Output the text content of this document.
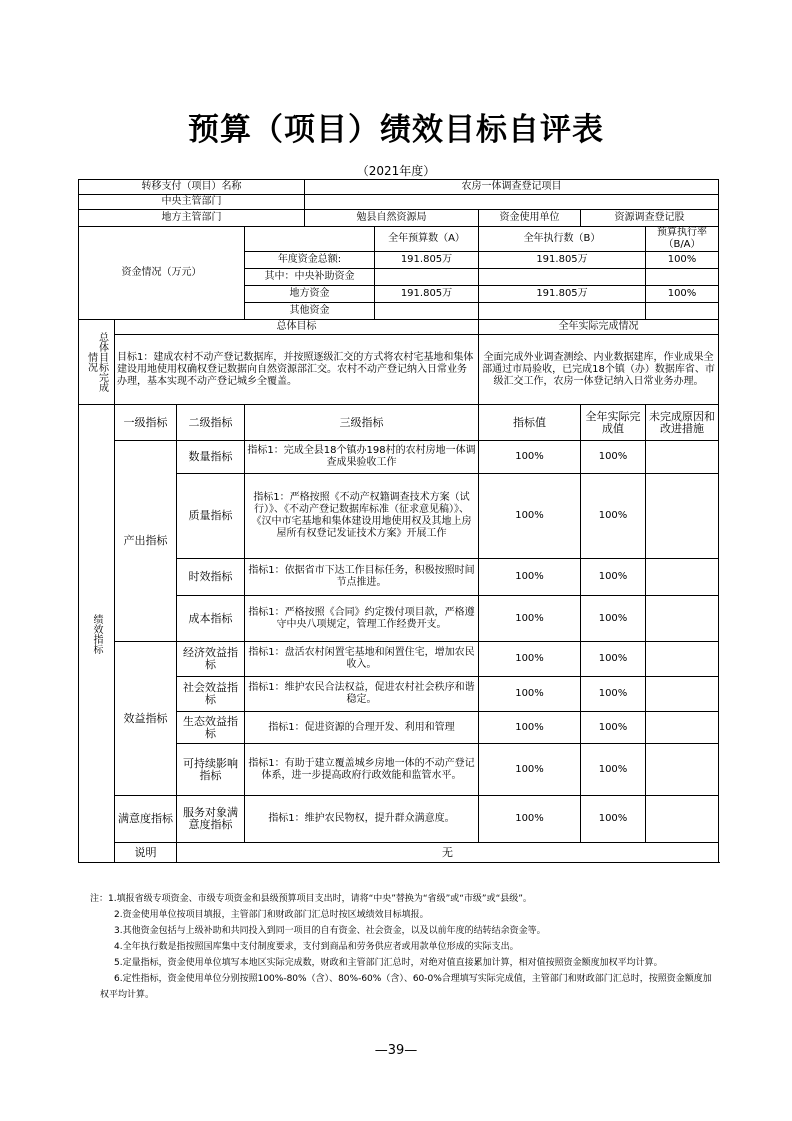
预算（项目）绩效目标自评表
（2021年度）
转移支付（项目）名称				农房一体调查登记项目				
中央主管部门								
地方主管部门				勉县自然资源局		资金使用单位	资源调查登记股	
资金情况（万元）					全年预算数（A）	全年执行数（B）		预算执行率（B/A）
			年度资金总额:		191.805万	191.805万		100%
			其中：中央补助资金					
			地方资金		191.805万	191.805万		100%
			其他资金					

总体目标完成情况	总体目标					全年实际完成情况		
	目标1：建成农村不动产登记数据库，并按照逐级汇交的方式将农村宅基地和集体建设用地使用权确权登记数据向自然资源部汇交。农村不动产登记纳入日常业务办理，基本实现不动产登记城乡全覆盖。					全面完成外业调查测绘、内业数据建库，作业成果全部通过市局验收，已完成18个镇（办）数据库省、市级汇交工作，农房一体登记纳入日常业务办理。		

绩效指标	一级指标	二级指标	三级指标			指标值	全年实际完成值	未完成原因和改进措施
	产出指标	数量指标	指标1：完成全县18个镇办198村的农村房地一体调查成果验收工作			100%	100%	
		质量指标	指标1：严格按照《不动产权籍调查技术方案（试行）》、《不动产登记数据库标准（征求意见稿）》、《汉中市宅基地和集体建设用地使用权及其地上房屋所有权登记发证技术方案》开展工作			100%	100%	
		时效指标	指标1：依据省市下达工作目标任务，积极按照时间节点推进。			100%	100%	
		成本指标	指标1：严格按照《合同》约定拨付项目款，严格遵守中央八项规定，管理工作经费开支。			100%	100%	
	效益指标	经济效益指标	指标1：盘活农村闲置宅基地和闲置住宅，增加农民收入。			100%	100%	
		社会效益指标	指标1：维护农民合法权益，促进农村社会秩序和谐稳定。			100%	100%	
		生态效益指标	指标1：促进资源的合理开发、利用和管理			100%	100%	
		可持续影响指标	指标1：有助于建立覆盖城乡房地一体的不动产登记体系，进一步提高政府行政效能和监管水平。			100%	100%	
	满意度指标	服务对象满意度指标	指标1：维护农民物权，提升群众满意度。			100%	100%	
	说明	无						

注：1.填报省级专项资金、市级专项资金和县级预算项目支出时，请将“中央”替换为“省级”或“市级”或“县级”。

2.资金使用单位按项目填报，主管部门和财政部门汇总时按区域绩效目标填报。

3.其他资金包括与上级补助和共同投入到同一项目的自有资金、社会资金，以及以前年度的结转结余资金等。

4.全年执行数是指按照国库集中支付制度要求，支付到商品和劳务供应者或用款单位形成的实际支出。

5.定量指标，资金使用单位填写本地区实际完成数，财政和主管部门汇总时，对绝对值直接累加计算，相对值按照资金额度加权平均计算。

6.定性指标，资金使用单位分别按照100%-80%（含）、80%-60%（含）、60-0%合理填写实际完成值，主管部门和财政部门汇总时，按照资金额度加权平均计算。

—39—
